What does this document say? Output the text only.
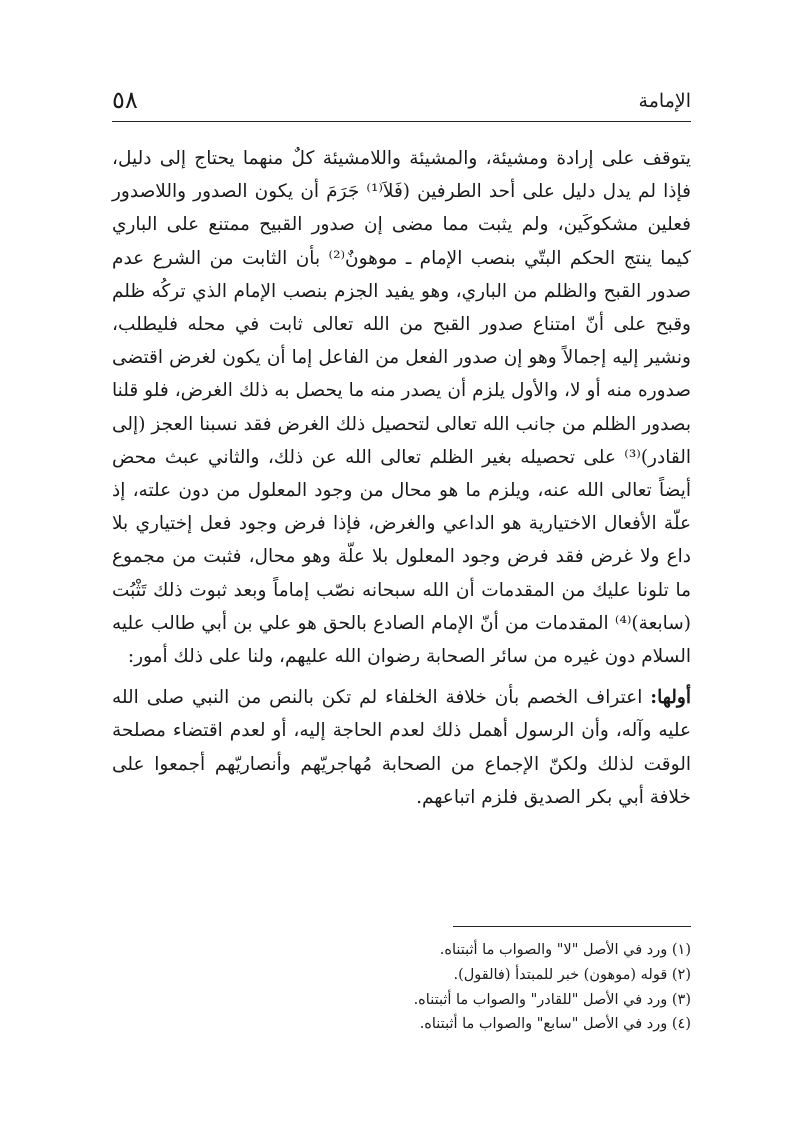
الإمامة
٥٨

يتوقف على إرادة ومشيئة، والمشيئة واللامشيئة كلٌ منهما يحتاج إلى دليل، فإذا لم يدل دليل على أحد الطرفين (فَلاَ⁽¹⁾ جَرَمَ أن يكون الصدور واللاصدور فعلين مشكوكَين، ولم يثبت مما مضى إن صدور القبيح ممتنع على الباري كيما ينتج الحكم البتّي بنصب الإمام ـ موهونٌ⁽²⁾ بأن الثابت من الشرع عدم صدور القبح والظلم من الباري، وهو يفيد الجزم بنصب الإمام الذي تركُه ظلم وقبح على أنّ امتناع صدور القبح من الله تعالى ثابت في محله فليطلب، ونشير إليه إجمالاً وهو إن صدور الفعل من الفاعل إما أن يكون لغرض اقتضى صدوره منه أو لا، والأول يلزم أن يصدر منه ما يحصل به ذلك الغرض، فلو قلنا بصدور الظلم من جانب الله تعالى لتحصيل ذلك الغرض فقد نسبنا العجز (إلى القادر)⁽³⁾ على تحصيله بغير الظلم تعالى الله عن ذلك، والثاني عبث محض أيضاً تعالى الله عنه، ويلزم ما هو محال من وجود المعلول من دون علته، إذ علّة الأفعال الاختيارية هو الداعي والغرض، فإذا فرض وجود فعل إختياري بلا داع ولا غرض فقد فرض وجود المعلول بلا علّة وهو محال، فثبت من مجموع ما تلونا عليك من المقدمات أن الله سبحانه نصّب إماماً وبعد ثبوت ذلك تَثْبُت (سابعة)⁽⁴⁾ المقدمات من أنّ الإمام الصادع بالحق هو علي بن أبي طالب عليه السلام دون غيره من سائر الصحابة رضوان الله عليهم، ولنا على ذلك أمور:

أولها: اعتراف الخصم بأن خلافة الخلفاء لم تكن بالنص من النبي صلى الله عليه وآله، وأن الرسول أهمل ذلك لعدم الحاجة إليه، أو لعدم اقتضاء مصلحة الوقت لذلك ولكنّ الإجماع من الصحابة مُهاجريّهم وأنصاريّهم أجمعوا على خلافة أبي بكر الصديق فلزم اتباعهم.

(١) ورد في الأصل "لا" والصواب ما أثبتناه.
(٢) قوله (موهون) خبر للمبتدأ (فالقول).
(٣) ورد في الأصل "للقادر" والصواب ما أثبتناه.
(٤) ورد في الأصل "سابع" والصواب ما أثبتناه.
